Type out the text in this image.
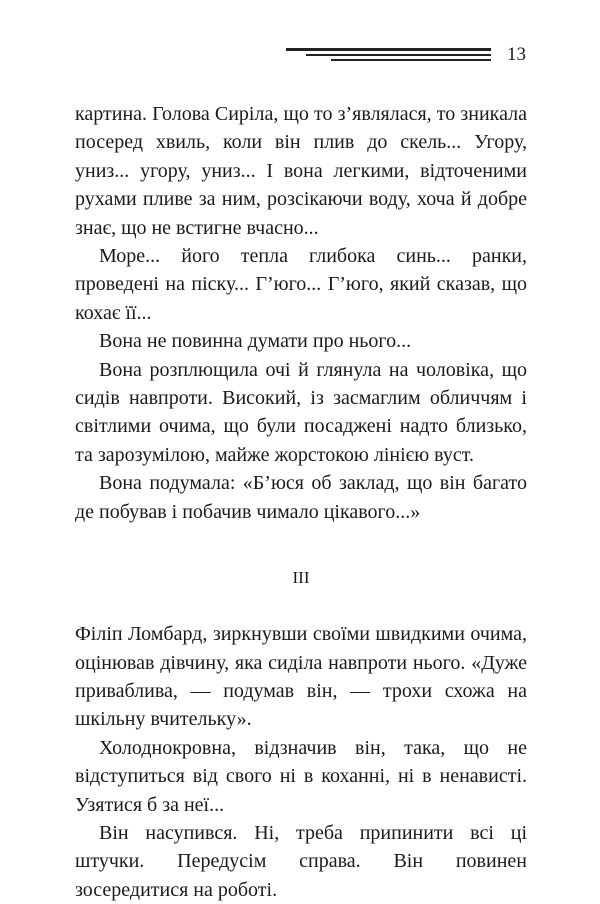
13

картина. Голова Сиріла, що то з’являлася, то зникала посеред хвиль, коли він плив до скель... Угору, униз... угору, униз... І вона легкими, відточеними рухами пливе за ним, розсікаючи воду, хоча й добре знає, що не встигне вчасно...

Море... його тепла глибока синь... ранки, проведені на піску... Г’юго... Г’юго, який сказав, що кохає її...

Вона не повинна думати про нього...

Вона розплющила очі й глянула на чоловіка, що сидів навпроти. Високий, із засмаглим обличчям і світлими очима, що були посаджені надто близько, та зарозумілою, майже жорстокою лінією вуст.

Вона подумала: «Б’юся об заклад, що він багато де побував і побачив чимало цікавого...»

III

Філіп Ломбард, зиркнувши своїми швидкими очима, оцінював дівчину, яка сиділа навпроти нього. «Дуже приваблива, — подумав він, — трохи схожа на шкільну вчительку».

Холоднокровна, відзначив він, така, що не відступиться від свого ні в коханні, ні в ненависті. Узятися б за неї...

Він насупився. Ні, треба припинити всі ці штучки. Передусім справа. Він повинен зосередитися на роботі.
